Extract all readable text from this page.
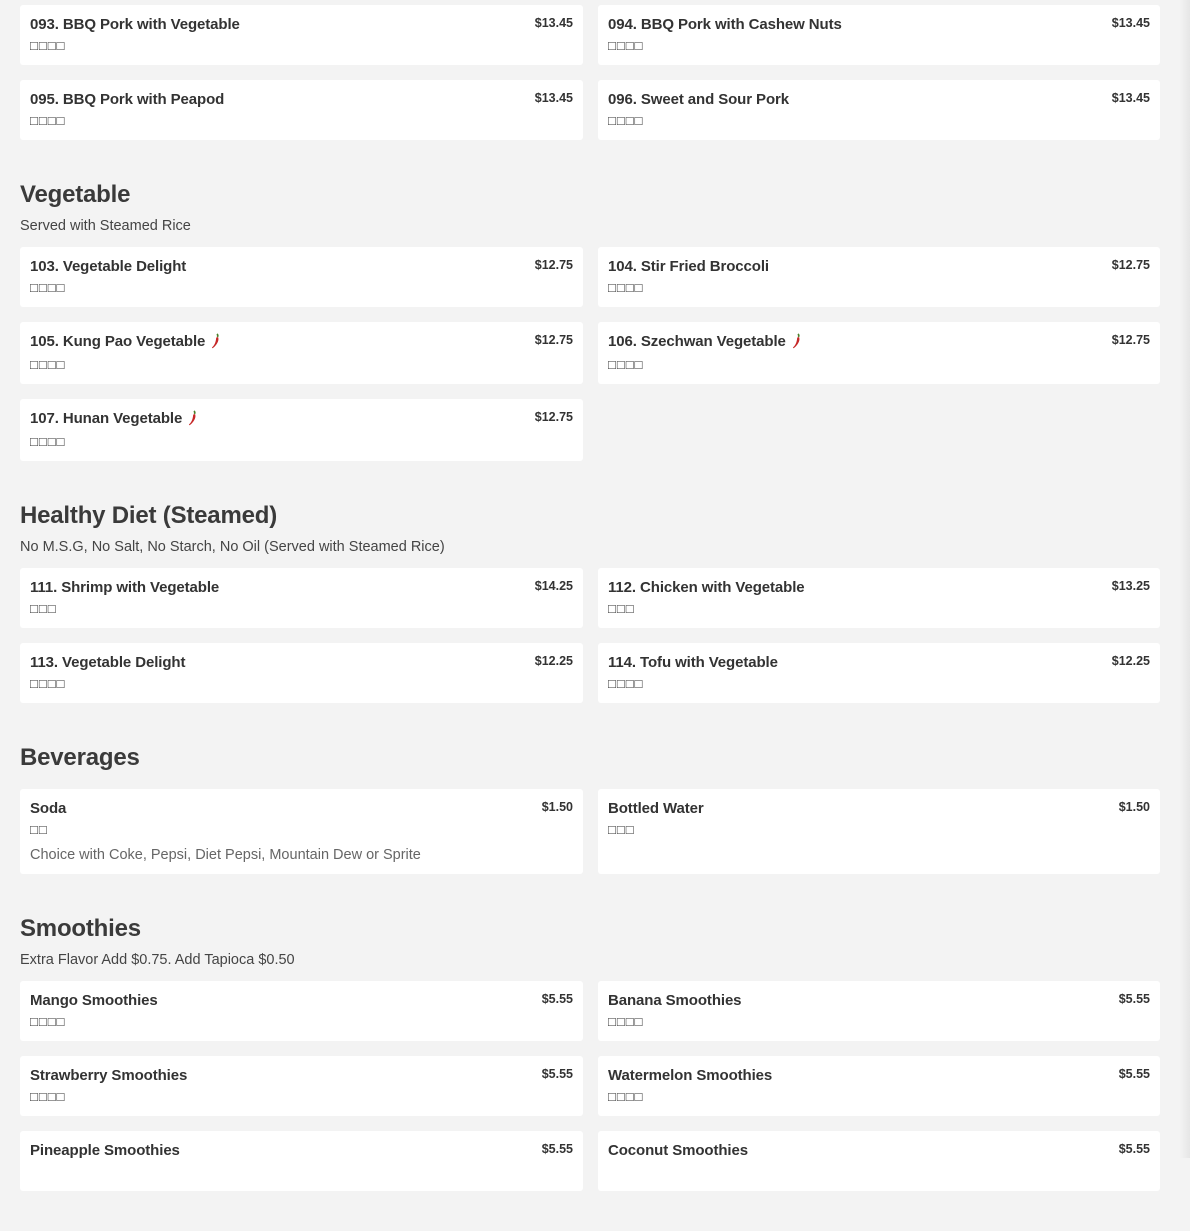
093. BBQ Pork with Vegetable	$13.45
□□□□
094. BBQ Pork with Cashew Nuts	$13.45
□□□□
095. BBQ Pork with Peapod	$13.45
□□□□
096. Sweet and Sour Pork	$13.45
□□□□
Vegetable
Served with Steamed Rice
103. Vegetable Delight	$12.75
□□□□
104. Stir Fried Broccoli	$12.75
□□□□
105. Kung Pao Vegetable	$12.75
□□□□
106. Szechwan Vegetable	$12.75
□□□□
107. Hunan Vegetable	$12.75
□□□□
Healthy Diet (Steamed)
No M.S.G, No Salt, No Starch, No Oil (Served with Steamed Rice)
111. Shrimp with Vegetable	$14.25
□□□
112. Chicken with Vegetable	$13.25
□□□
113. Vegetable Delight	$12.25
□□□□
114. Tofu with Vegetable	$12.25
□□□□
Beverages
Soda	$1.50
□□
Choice with Coke, Pepsi, Diet Pepsi, Mountain Dew or Sprite
Bottled Water	$1.50
□□□
Smoothies
Extra Flavor Add $0.75. Add Tapioca $0.50
Mango Smoothies	$5.55
□□□□
Banana Smoothies	$5.55
□□□□
Strawberry Smoothies	$5.55
□□□□
Watermelon Smoothies	$5.55
□□□□
Pineapple Smoothies	$5.55 Coconut Smoothies	$5.55
